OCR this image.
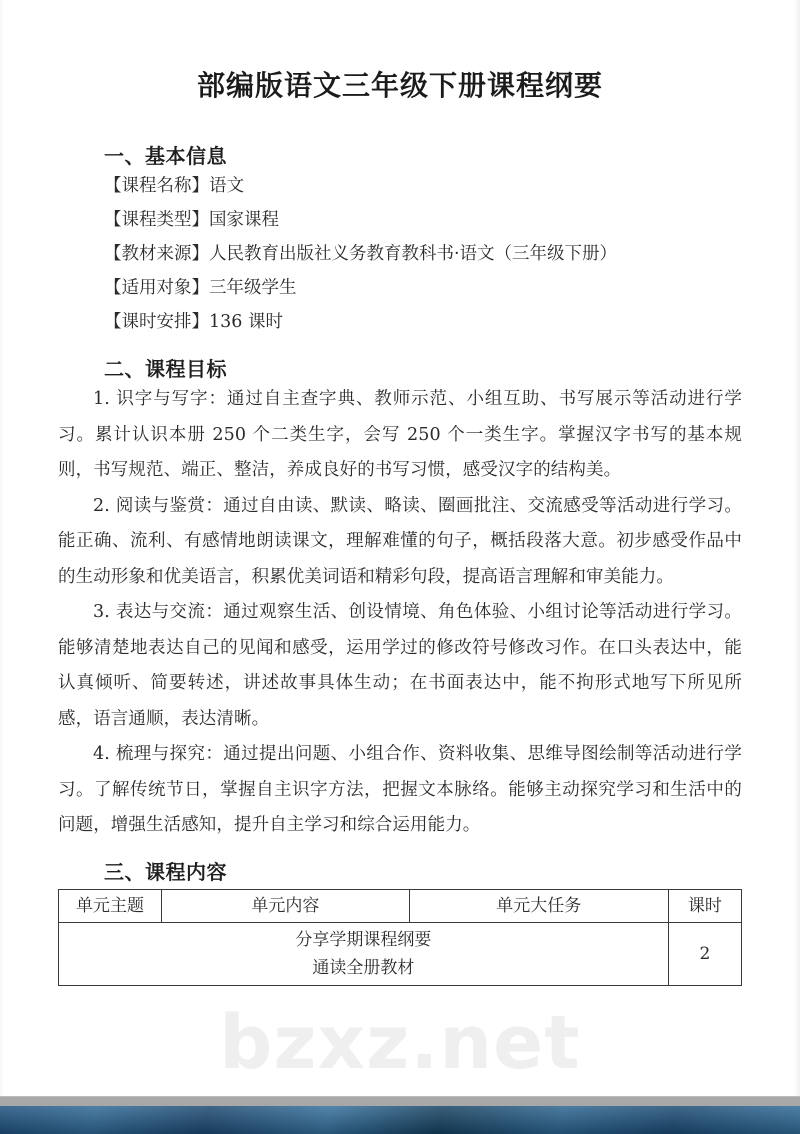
bzxz.net
部编版语文三年级下册课程纲要
一、基本信息
【课程名称】语文
【课程类型】国家课程
【教材来源】人民教育出版社义务教育教科书·语文（三年级下册）
【适用对象】三年级学生
【课时安排】136 课时
二、课程目标

1. 识字与写字：通过自主查字典、教师示范、小组互助、书写展示等活动进行学习。累计认识本册 250 个二类生字，会写 250 个一类生字。掌握汉字书写的基本规则，书写规范、端正、整洁，养成良好的书写习惯，感受汉字的结构美。

2. 阅读与鉴赏：通过自由读、默读、略读、圈画批注、交流感受等活动进行学习。能正确、流利、有感情地朗读课文，理解难懂的句子，概括段落大意。初步感受作品中的生动形象和优美语言，积累优美词语和精彩句段，提高语言理解和审美能力。

3. 表达与交流：通过观察生活、创设情境、角色体验、小组讨论等活动进行学习。能够清楚地表达自己的见闻和感受，运用学过的修改符号修改习作。在口头表达中，能认真倾听、简要转述，讲述故事具体生动；在书面表达中，能不拘形式地写下所见所感，语言通顺，表达清晰。

4. 梳理与探究：通过提出问题、小组合作、资料收集、思维导图绘制等活动进行学习。了解传统节日，掌握自主识字方法，把握文本脉络。能够主动探究学习和生活中的问题，增强生活感知，提升自主学习和综合运用能力。

三、课程内容
单元主题	单元内容	单元大任务	课时

分享学期课程纲要
通读全册教材			2
